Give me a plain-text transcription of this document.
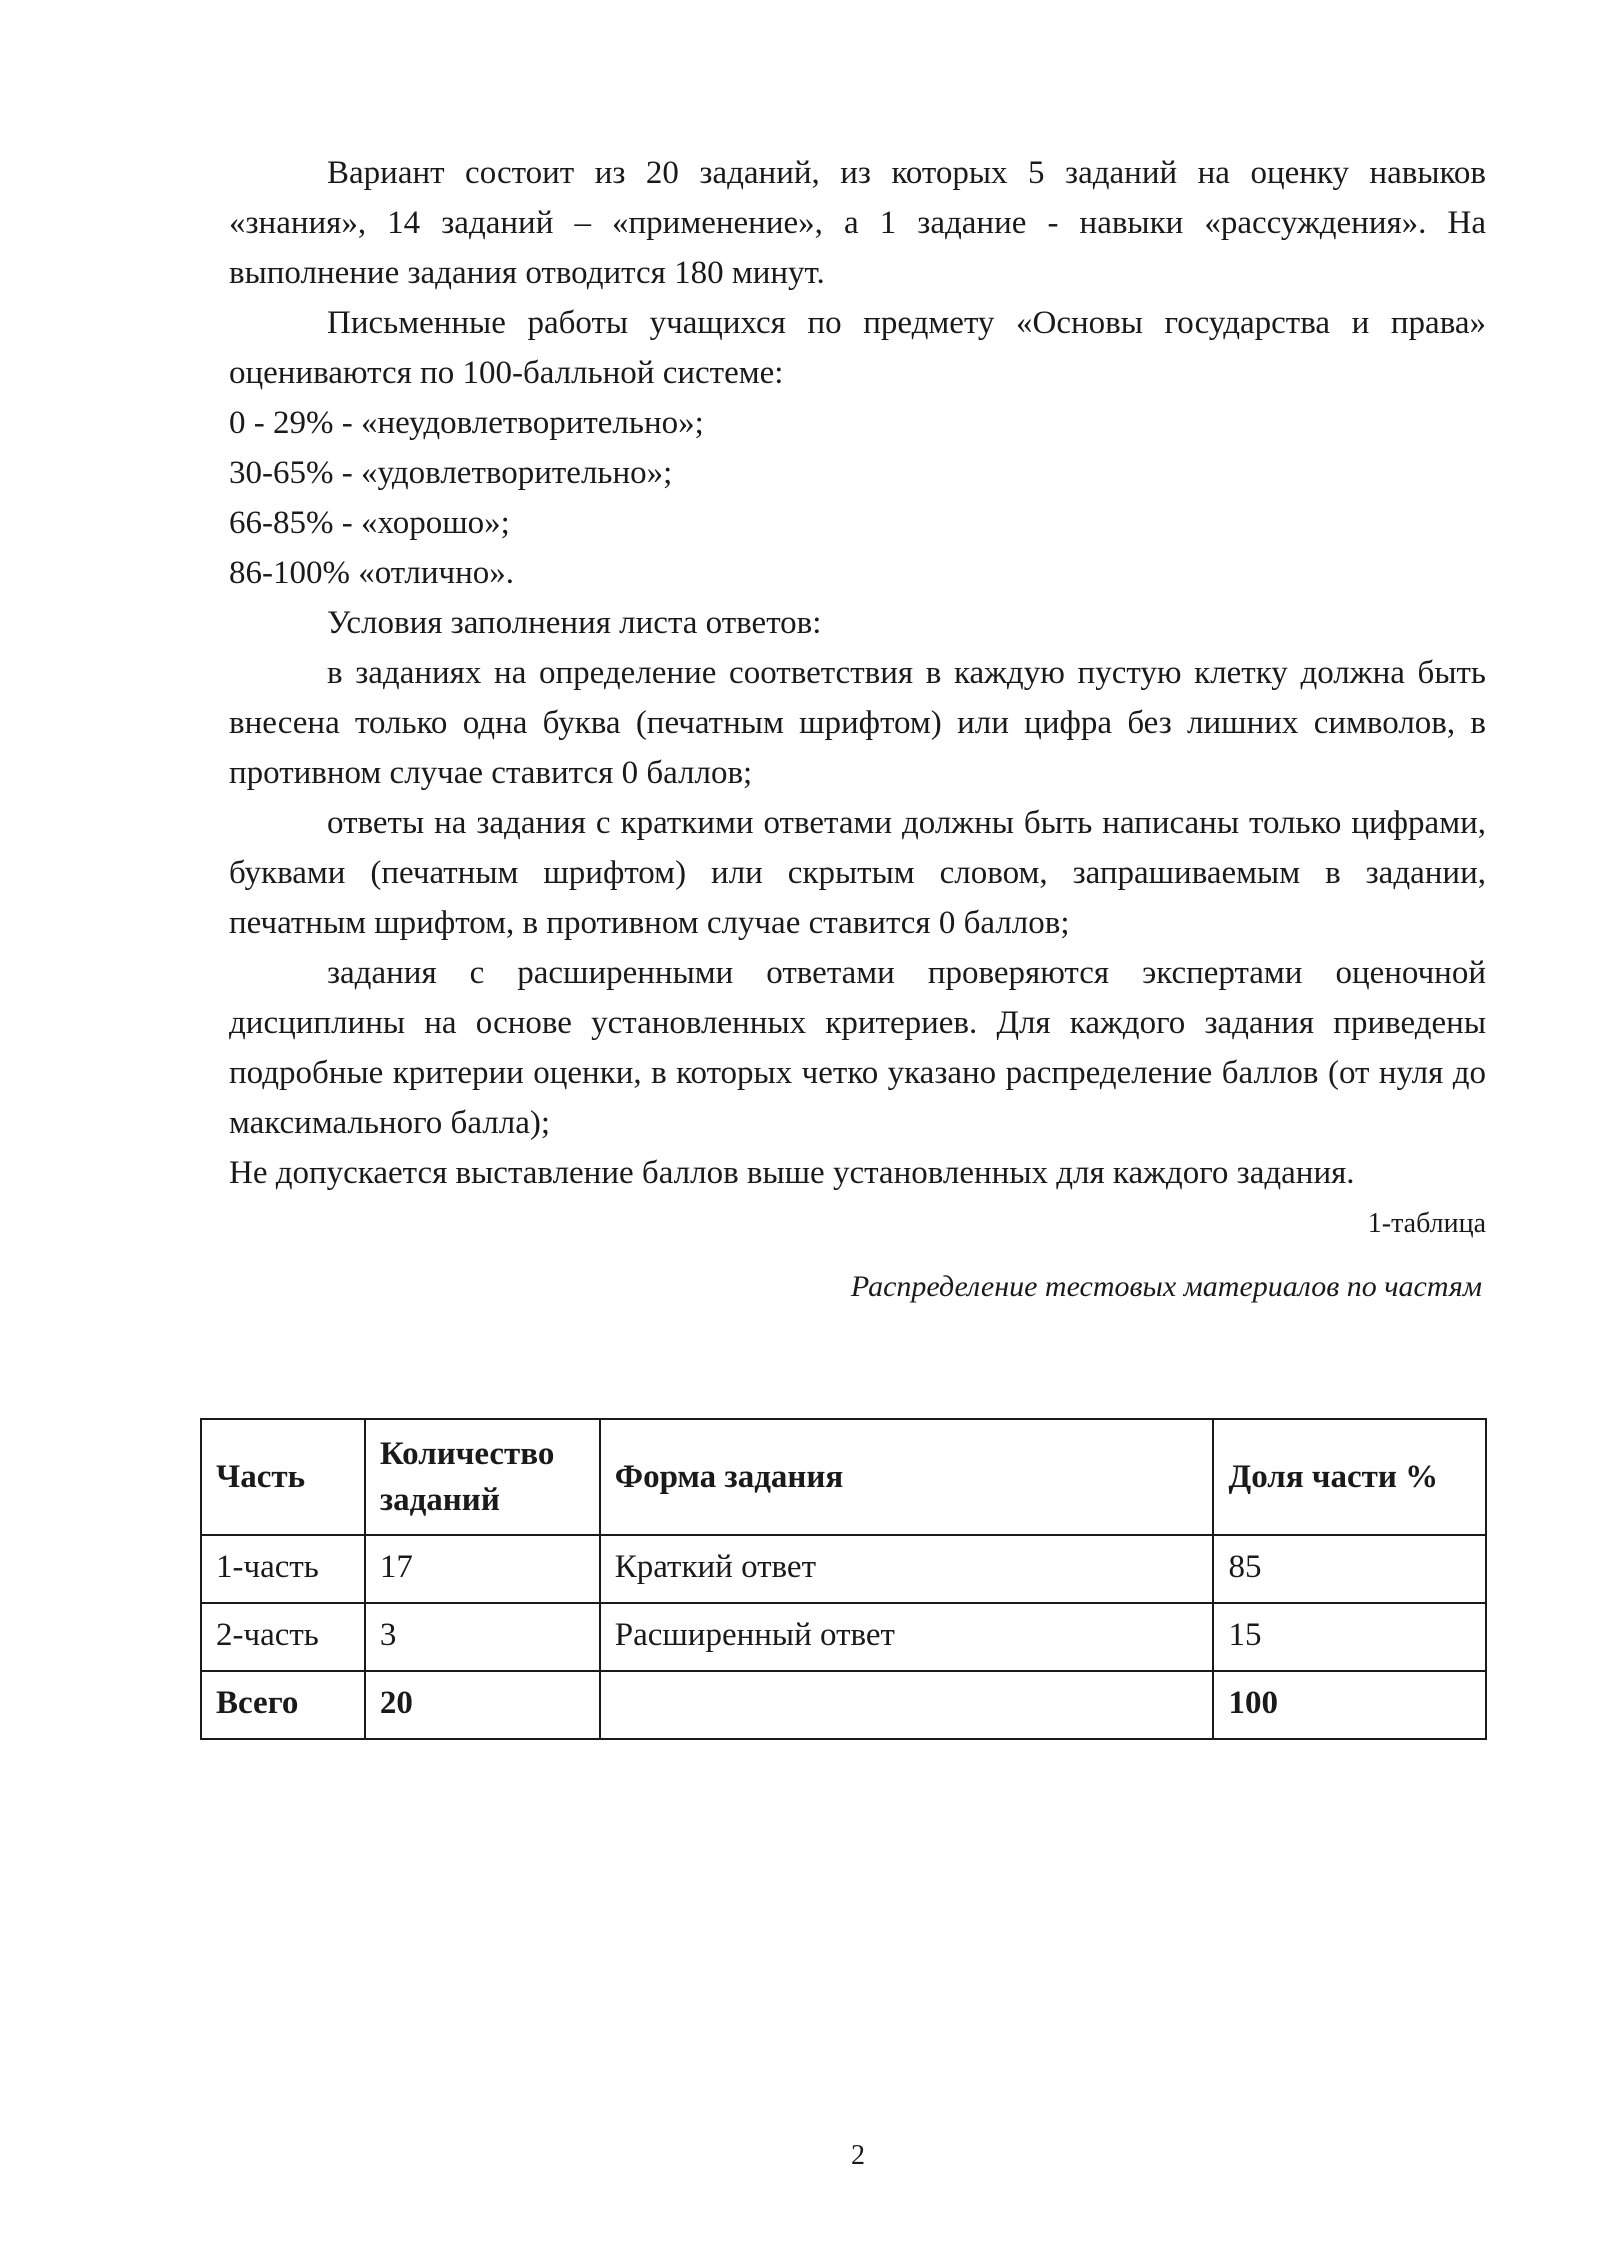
Вариант состоит из 20 заданий, из которых 5 заданий на оценку навыков «знания», 14 заданий – «применение», а 1 задание - навыки «рассуждения». На выполнение задания отводится 180 минут.

Письменные работы учащихся по предмету «Основы государства и права» оцениваются по 100-балльной системе:

0 - 29% - «неудовлетворительно»;

30-65% - «удовлетворительно»;

66-85% - «хорошо»;

86-100% «отлично».

Условия заполнения листа ответов:

в заданиях на определение соответствия в каждую пустую клетку должна быть внесена только одна буква (печатным шрифтом) или цифра без лишних символов, в противном случае ставится 0 баллов;

ответы на задания с краткими ответами должны быть написаны только цифрами, буквами (печатным шрифтом) или скрытым словом, запрашиваемым в задании, печатным шрифтом, в противном случае ставится 0 баллов;

задания с расширенными ответами проверяются экспертами оценочной дисциплины на основе установленных критериев. Для каждого задания приведены подробные критерии оценки, в которых четко указано распределение баллов (от нуля до максимального балла);

Не допускается выставление баллов выше установленных для каждого задания.

1-таблица

Распределение тестовых материалов по частям

Часть	Количество заданий	Форма задания	Доля части %
1-часть	17	Краткий ответ	85
2-часть	3	Расширенный ответ	15
Всего	20		100
2
